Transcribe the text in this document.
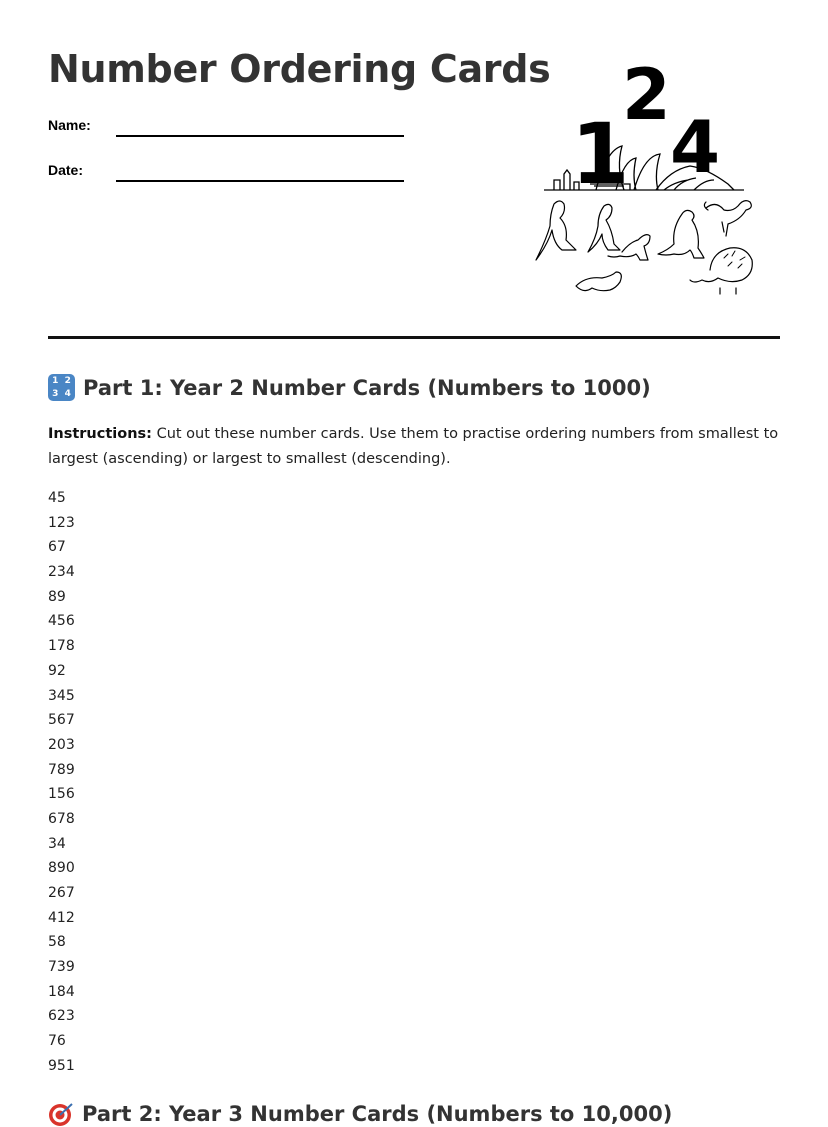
Number Ordering Cards
Name:
Date:	1
2
4
1 2
3 4 Part 1: Year 2 Number Cards (Numbers to 1000)

Instructions: Cut out these number cards. Use them to practise ordering numbers from smallest to largest (ascending) or largest to smallest (descending).

45
123
67
234
89
456
178
92
345
567
203
789
156
678
34
890
267
412
58
739
184
623
76
951
Part 2: Year 3 Number Cards (Numbers to 10,000)
